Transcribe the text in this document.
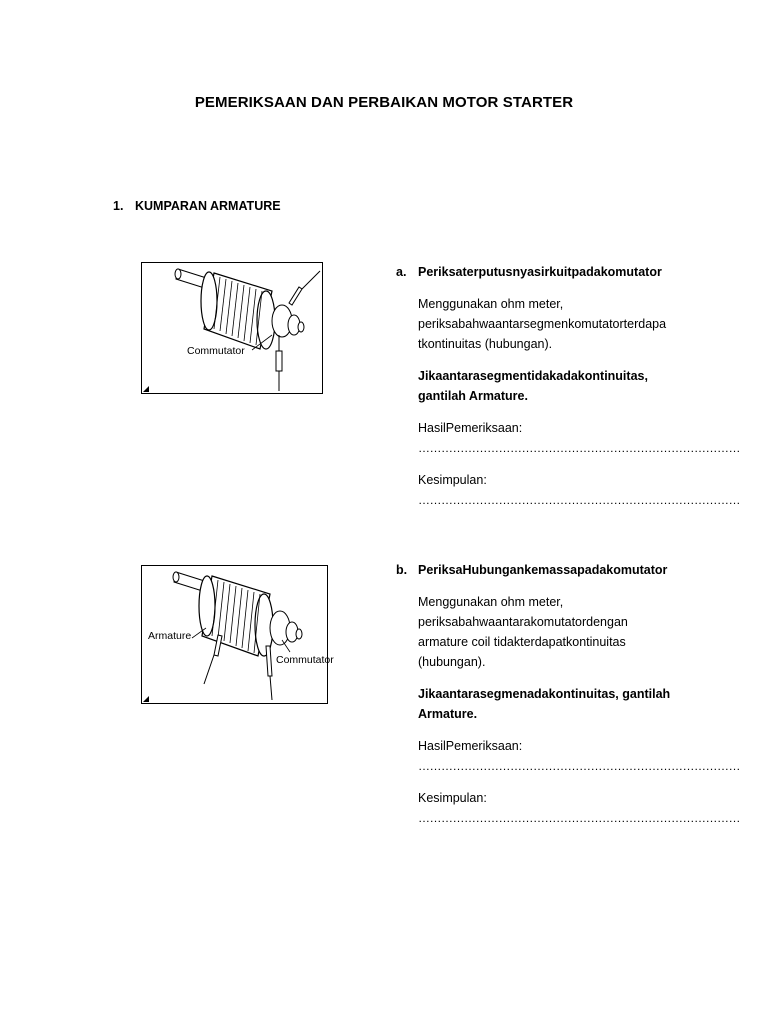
PEMERIKSAAN DAN PERBAIKAN MOTOR STARTER
1. KUMPARAN ARMATURE
Commutator
Armature
Commutator
a. Periksaterputusnyasirkuitpadakomutator

Menggunakan ohm meter,

periksabahwaantarsegmenkomutatorterdapa

tkontinuitas (hubungan).

Jikaantarasegmentidakadakontinuitas,

gantilah Armature.

HasilPemeriksaan:

…………………………………………………………………………

Kesimpulan:

…………………………………………………………………………

b. PeriksaHubungankemassapadakomutator

Menggunakan ohm meter,

periksabahwaantarakomutatordengan

armature coil tidakterdapatkontinuitas

(hubungan).

Jikaantarasegmenadakontinuitas, gantilah

Armature.

HasilPemeriksaan:

…………………………………………………………………………

Kesimpulan:

…………………………………………………………………………
